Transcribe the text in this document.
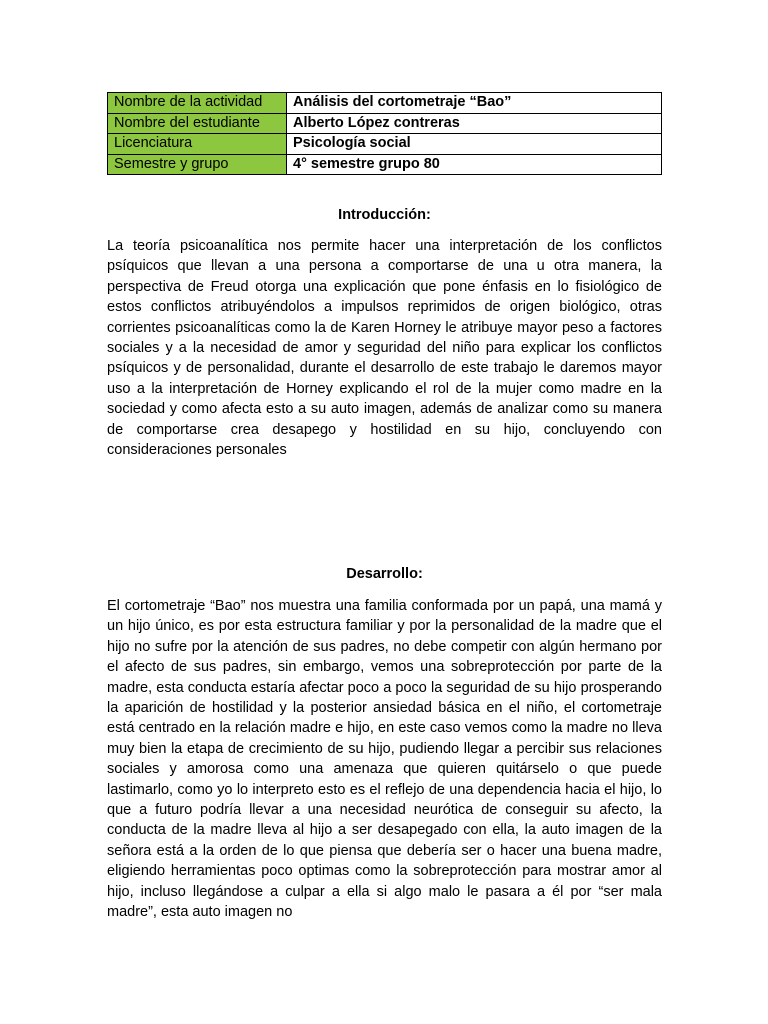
Nombre de la actividad	Análisis del cortometraje “Bao”
Nombre del estudiante	Alberto López contreras
Licenciatura	Psicología social
Semestre y grupo	4° semestre grupo 80
Introducción:
La teoría psicoanalítica nos permite hacer una interpretación de los conflictos psíquicos que llevan a una persona a comportarse de una u otra manera, la perspectiva de Freud otorga una explicación que pone énfasis en lo fisiológico de estos conflictos atribuyéndolos a impulsos reprimidos de origen biológico, otras corrientes psicoanalíticas como la de Karen Horney le atribuye mayor peso a factores sociales y a la necesidad de amor y seguridad del niño para explicar los conflictos psíquicos y de personalidad, durante el desarrollo de este trabajo le daremos mayor uso a la interpretación de Horney explicando el rol de la mujer como madre en la sociedad y como afecta esto a su auto imagen, además de analizar como su manera de comportarse crea desapego y hostilidad en su hijo, concluyendo con consideraciones personales
Desarrollo:
El cortometraje “Bao” nos muestra una familia conformada por un papá, una mamá y un hijo único, es por esta estructura familiar y por la personalidad de la madre que el hijo no sufre por la atención de sus padres, no debe competir con algún hermano por el afecto de sus padres, sin embargo, vemos una sobreprotección por parte de la madre, esta conducta estaría afectar poco a poco la seguridad de su hijo prosperando la aparición de hostilidad y la posterior ansiedad básica en el niño, el cortometraje está centrado en la relación madre e hijo, en este caso vemos como la madre no lleva muy bien la etapa de crecimiento de su hijo, pudiendo llegar a percibir sus relaciones sociales y amorosa como una amenaza que quieren quitárselo o que puede lastimarlo, como yo lo interpreto esto es el reflejo de una dependencia hacia el hijo, lo que a futuro podría llevar a una necesidad neurótica de conseguir su afecto, la conducta de la madre lleva al hijo a ser desapegado con ella, la auto imagen de la señora está a la orden de lo que piensa que debería ser o hacer una buena madre, eligiendo herramientas poco optimas como la sobreprotección para mostrar amor al hijo, incluso llegándose a culpar a ella si algo malo le pasara a él por “ser mala madre”, esta auto imagen no
